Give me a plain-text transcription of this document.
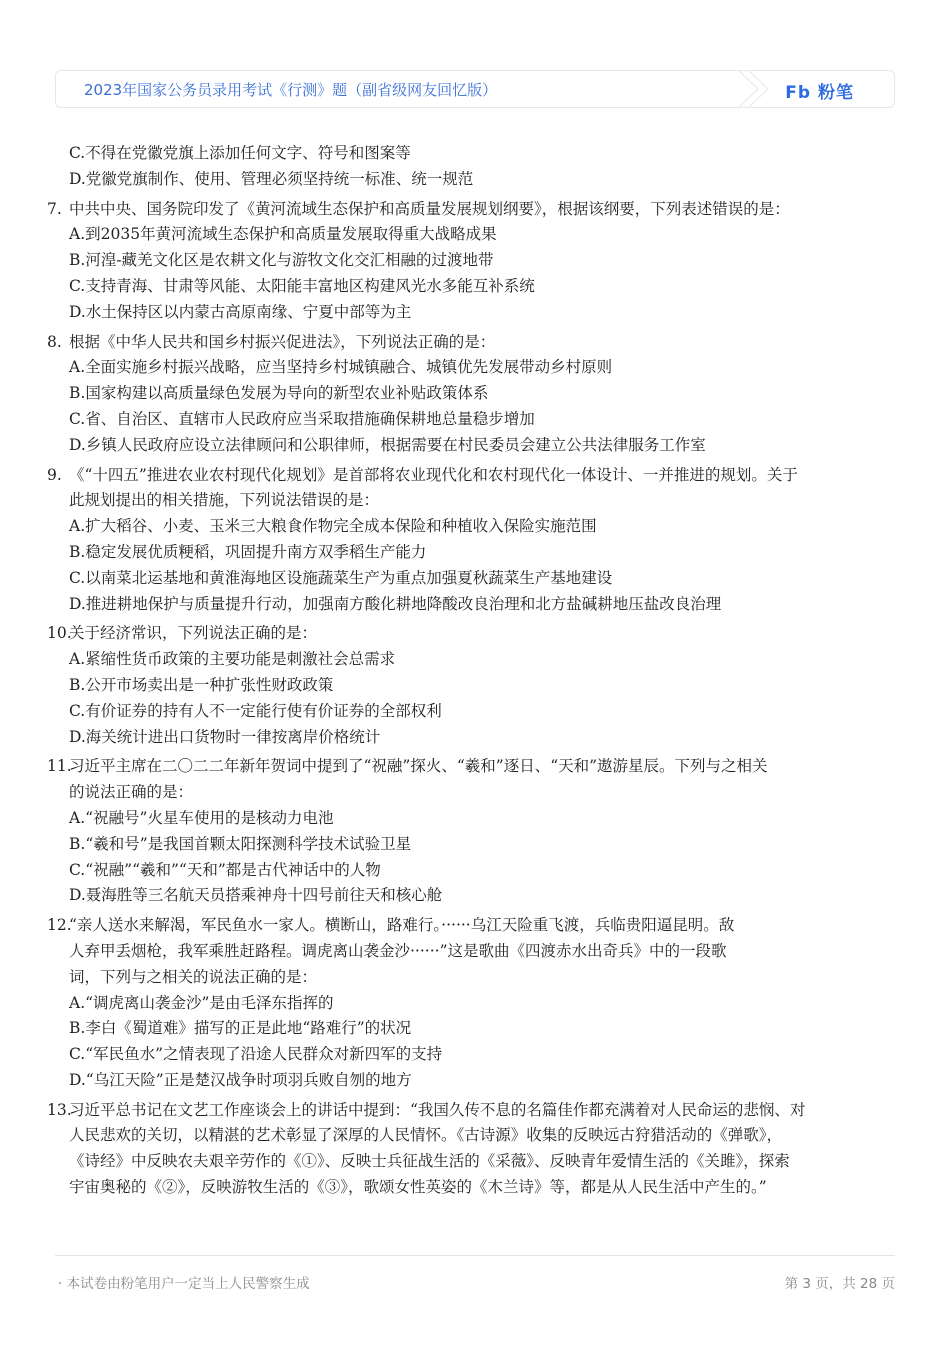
2023年国家公务员录用考试《行测》题（副省级网友回忆版）	Fb 粉笔
C.不得在党徽党旗上添加任何文字、符号和图案等
D.党徽党旗制作、使用、管理必须坚持统一标准、统一规范
7. 中共中央、国务院印发了《黄河流域生态保护和高质量发展规划纲要》，根据该纲要，下列表述错误的是：
A.到2035年黄河流域生态保护和高质量发展取得重大战略成果
B.河湟-藏羌文化区是农耕文化与游牧文化交汇相融的过渡地带
C.支持青海、甘肃等风能、太阳能丰富地区构建风光水多能互补系统
D.水土保持区以内蒙古高原南缘、宁夏中部等为主
8. 根据《中华人民共和国乡村振兴促进法》，下列说法正确的是：
A.全面实施乡村振兴战略，应当坚持乡村城镇融合、城镇优先发展带动乡村原则
B.国家构建以高质量绿色发展为导向的新型农业补贴政策体系
C.省、自治区、直辖市人民政府应当采取措施确保耕地总量稳步增加
D.乡镇人民政府应设立法律顾问和公职律师，根据需要在村民委员会建立公共法律服务工作室
9. 《“十四五”推进农业农村现代化规划》是首部将农业现代化和农村现代化一体设计、一并推进的规划。关于
此规划提出的相关措施，下列说法错误的是：
A.扩大稻谷、小麦、玉米三大粮食作物完全成本保险和种植收入保险实施范围
B.稳定发展优质粳稻，巩固提升南方双季稻生产能力
C.以南菜北运基地和黄淮海地区设施蔬菜生产为重点加强夏秋蔬菜生产基地建设
D.推进耕地保护与质量提升行动，加强南方酸化耕地降酸改良治理和北方盐碱耕地压盐改良治理
10.
关于经济常识，下列说法正确的是：
A.紧缩性货币政策的主要功能是刺激社会总需求
B.公开市场卖出是一种扩张性财政政策
C.有价证券的持有人不一定能行使有价证券的全部权利
D.海关统计进出口货物时一律按离岸价格统计
11.
习近平主席在二〇二二年新年贺词中提到了“祝融”探火、“羲和”逐日、“天和”遨游星辰。下列与之相关
的说法正确的是：
A.“祝融号”火星车使用的是核动力电池
B.“羲和号”是我国首颗太阳探测科学技术试验卫星
C.“祝融”“羲和”“天和”都是古代神话中的人物
D.聂海胜等三名航天员搭乘神舟十四号前往天和核心舱
12.
“亲人送水来解渴，军民鱼水一家人。横断山，路难行。······乌江天险重飞渡，兵临贵阳逼昆明。敌
人弃甲丢烟枪，我军乘胜赶路程。调虎离山袭金沙······”这是歌曲《四渡赤水出奇兵》中的一段歌
词，下列与之相关的说法正确的是：
A.“调虎离山袭金沙”是由毛泽东指挥的
B.李白《蜀道难》描写的正是此地“路难行”的状况
C.“军民鱼水”之情表现了沿途人民群众对新四军的支持
D.“乌江天险”正是楚汉战争时项羽兵败自刎的地方
13.
习近平总书记在文艺工作座谈会上的讲话中提到：“我国久传不息的名篇佳作都充满着对人民命运的悲悯、对
人民悲欢的关切，以精湛的艺术彰显了深厚的人民情怀。《古诗源》收集的反映远古狩猎活动的《弹歌》，
《诗经》中反映农夫艰辛劳作的《①》、反映士兵征战生活的《采薇》、反映青年爱情生活的《关雎》，探索
宇宙奥秘的《②》，反映游牧生活的《③》，歌颂女性英姿的《木兰诗》等，都是从人民生活中产生的。”
· 本试卷由粉笔用户一定当上人民警察生成	第 3 页，共 28 页
